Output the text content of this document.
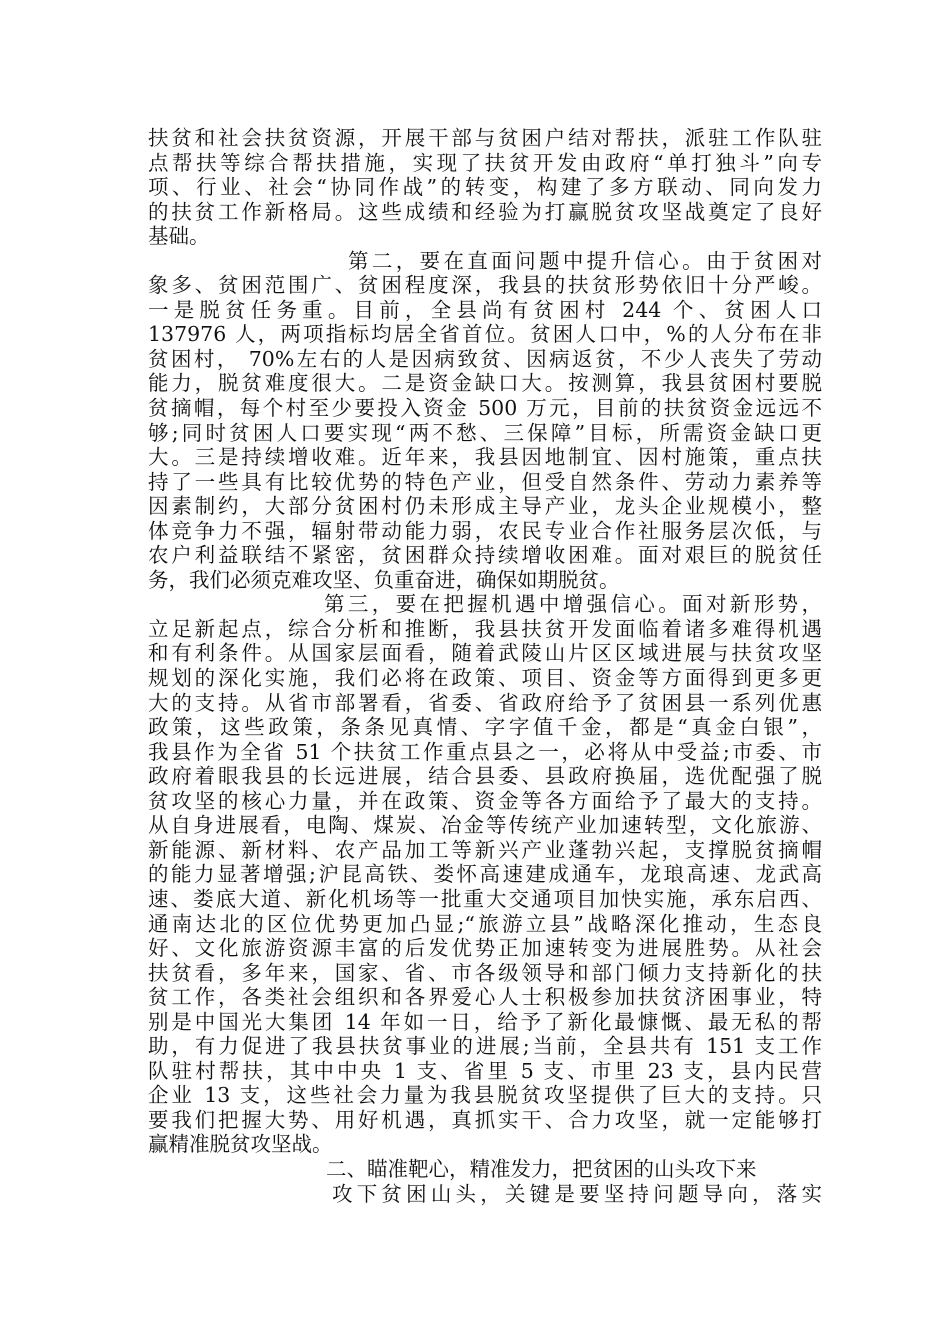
扶贫和社会扶贫资源，开展干部与贫困户结对帮扶，派驻工作队驻
点帮扶等综合帮扶措施，实现了扶贫开发由政府“单打独斗”向专
项、行业、社会“协同作战”的转变，构建了多方联动、同向发力
的扶贫工作新格局。这些成绩和经验为打赢脱贫攻坚战奠定了良好
基础。
第二，要在直面问题中提升信心。由于贫困对
象多、贫困范围广、贫困程度深，我县的扶贫形势依旧十分严峻。
一是脱贫任务重。目前，全县尚有贫困村 244 个、贫困人口
137976 人，两项指标均居全省首位。贫困人口中，%的人分布在非
贫困村， 70%左右的人是因病致贫、因病返贫，不少人丧失了劳动
能力，脱贫难度很大。二是资金缺口大。按测算，我县贫困村要脱
贫摘帽，每个村至少要投入资金 500 万元，目前的扶贫资金远远不
够;同时贫困人口要实现“两不愁、三保障”目标，所需资金缺口更
大。三是持续增收难。近年来，我县因地制宜、因村施策，重点扶
持了一些具有比较优势的特色产业，但受自然条件、劳动力素养等
因素制约，大部分贫困村仍未形成主导产业，龙头企业规模小，整
体竞争力不强，辐射带动能力弱，农民专业合作社服务层次低，与
农户利益联结不紧密，贫困群众持续增收困难。面对艰巨的脱贫任
务，我们必须克难攻坚、负重奋进，确保如期脱贫。
第三，要在把握机遇中增强信心。面对新形势，
立足新起点，综合分析和推断，我县扶贫开发面临着诸多难得机遇
和有利条件。从国家层面看，随着武陵山片区区域进展与扶贫攻坚
规划的深化实施，我们必将在政策、项目、资金等方面得到更多更
大的支持。从省市部署看，省委、省政府给予了贫困县一系列优惠
政策，这些政策，条条见真情、字字值千金，都是“真金白银”，
我县作为全省 51 个扶贫工作重点县之一，必将从中受益;市委、市
政府着眼我县的长远进展，结合县委、县政府换届，选优配强了脱
贫攻坚的核心力量，并在政策、资金等各方面给予了最大的支持。
从自身进展看，电陶、煤炭、冶金等传统产业加速转型，文化旅游、
新能源、新材料、农产品加工等新兴产业蓬勃兴起，支撑脱贫摘帽
的能力显著增强;沪昆高铁、娄怀高速建成通车，龙琅高速、龙武高
速、娄底大道、新化机场等一批重大交通项目加快实施，承东启西、
通南达北的区位优势更加凸显;“旅游立县”战略深化推动，生态良
好、文化旅游资源丰富的后发优势正加速转变为进展胜势。从社会
扶贫看，多年来，国家、省、市各级领导和部门倾力支持新化的扶
贫工作，各类社会组织和各界爱心人士积极参加扶贫济困事业，特
别是中国光大集团 14 年如一日，给予了新化最慷慨、最无私的帮
助，有力促进了我县扶贫事业的进展;当前，全县共有 151 支工作
队驻村帮扶，其中中央 1 支、省里 5 支、市里 23 支，县内民营
企业 13 支，这些社会力量为我县脱贫攻坚提供了巨大的支持。只
要我们把握大势、用好机遇，真抓实干、合力攻坚，就一定能够打
赢精准脱贫攻坚战。
二、瞄准靶心，精准发力，把贫困的山头攻下来
攻下贫困山头，关键是要坚持问题导向，落实
